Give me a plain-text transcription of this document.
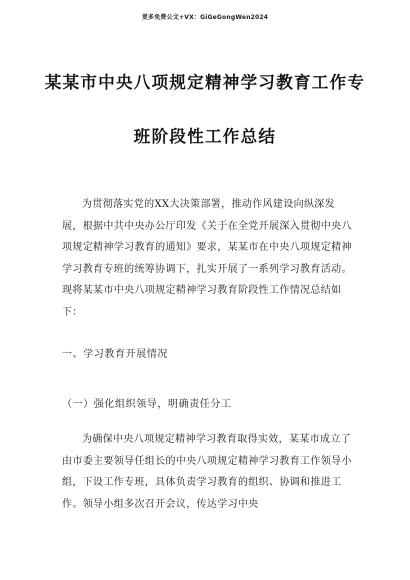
更多免费公文+VX：GiGeGongWen2024
某某市中央八项规定精神学习教育工作专
班阶段性工作总结
为贯彻落实党的XX大决策部署，推动作风建设向纵深发展，根据中共中央办公厅印发《关于在全党开展深入贯彻中央八项规定精神学习教育的通知》要求，某某市在中央八项规定精神学习教育专班的统筹协调下，扎实开展了一系列学习教育活动。现将某某市中央八项规定精神学习教育阶段性工作情况总结如下：
一、学习教育开展情况
（一）强化组织领导，明确责任分工
为确保中央八项规定精神学习教育取得实效，某某市成立了由市委主要领导任组长的中央八项规定精神学习教育工作领导小组，下设工作专班，具体负责学习教育的组织、协调和推进工作。领导小组多次召开会议，传达学习中央
